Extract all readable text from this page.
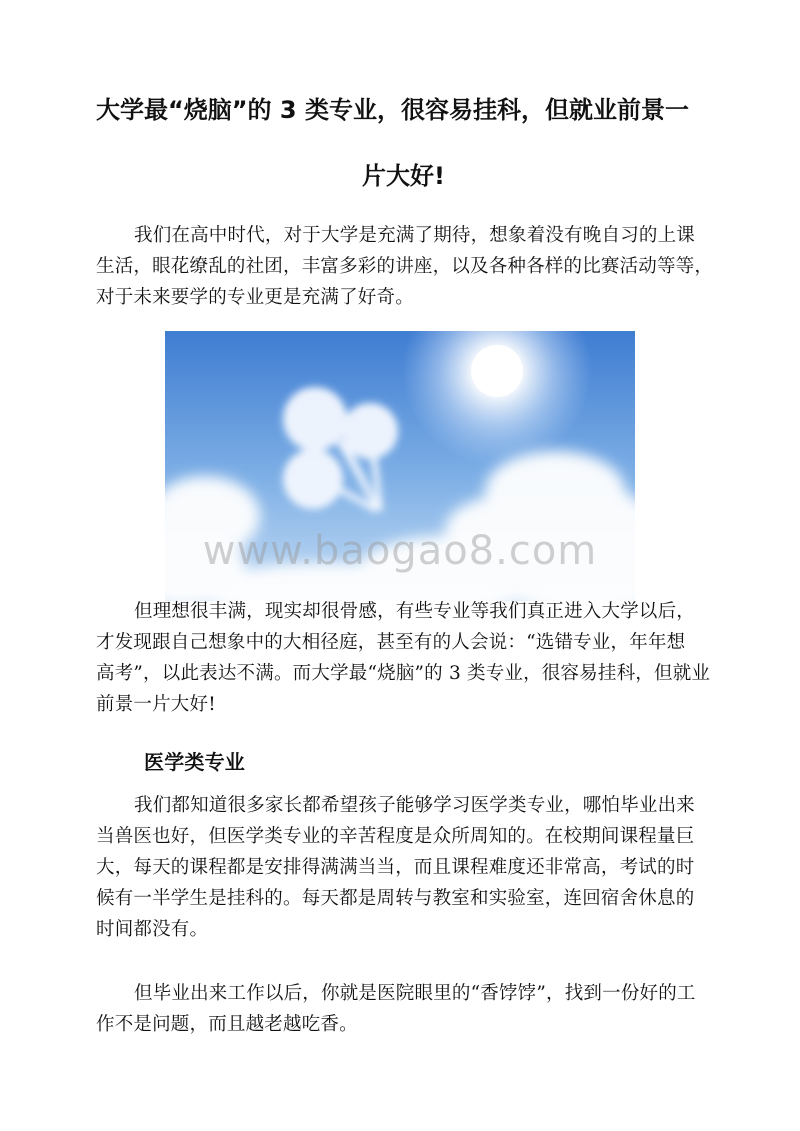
大学最“烧脑”的 3 类专业，很容易挂科，但就业前景一
片大好!

我们在高中时代，对于大学是充满了期待，想象着没有晚自习的上课
生活，眼花缭乱的社团，丰富多彩的讲座，以及各种各样的比赛活动等等，
对于未来要学的专业更是充满了好奇。

www.baogao8.com

但理想很丰满，现实却很骨感，有些专业等我们真正进入大学以后，
才发现跟自己想象中的大相径庭，甚至有的人会说：“选错专业，年年想
高考”，以此表达不满。而大学最“烧脑”的 3 类专业，很容易挂科，但就业
前景一片大好!

医学类专业

我们都知道很多家长都希望孩子能够学习医学类专业，哪怕毕业出来
当兽医也好，但医学类专业的辛苦程度是众所周知的。在校期间课程量巨
大，每天的课程都是安排得满满当当，而且课程难度还非常高，考试的时
候有一半学生是挂科的。每天都是周转与教室和实验室，连回宿舍休息的
时间都没有。

但毕业出来工作以后，你就是医院眼里的“香饽饽”，找到一份好的工
作不是问题，而且越老越吃香。
